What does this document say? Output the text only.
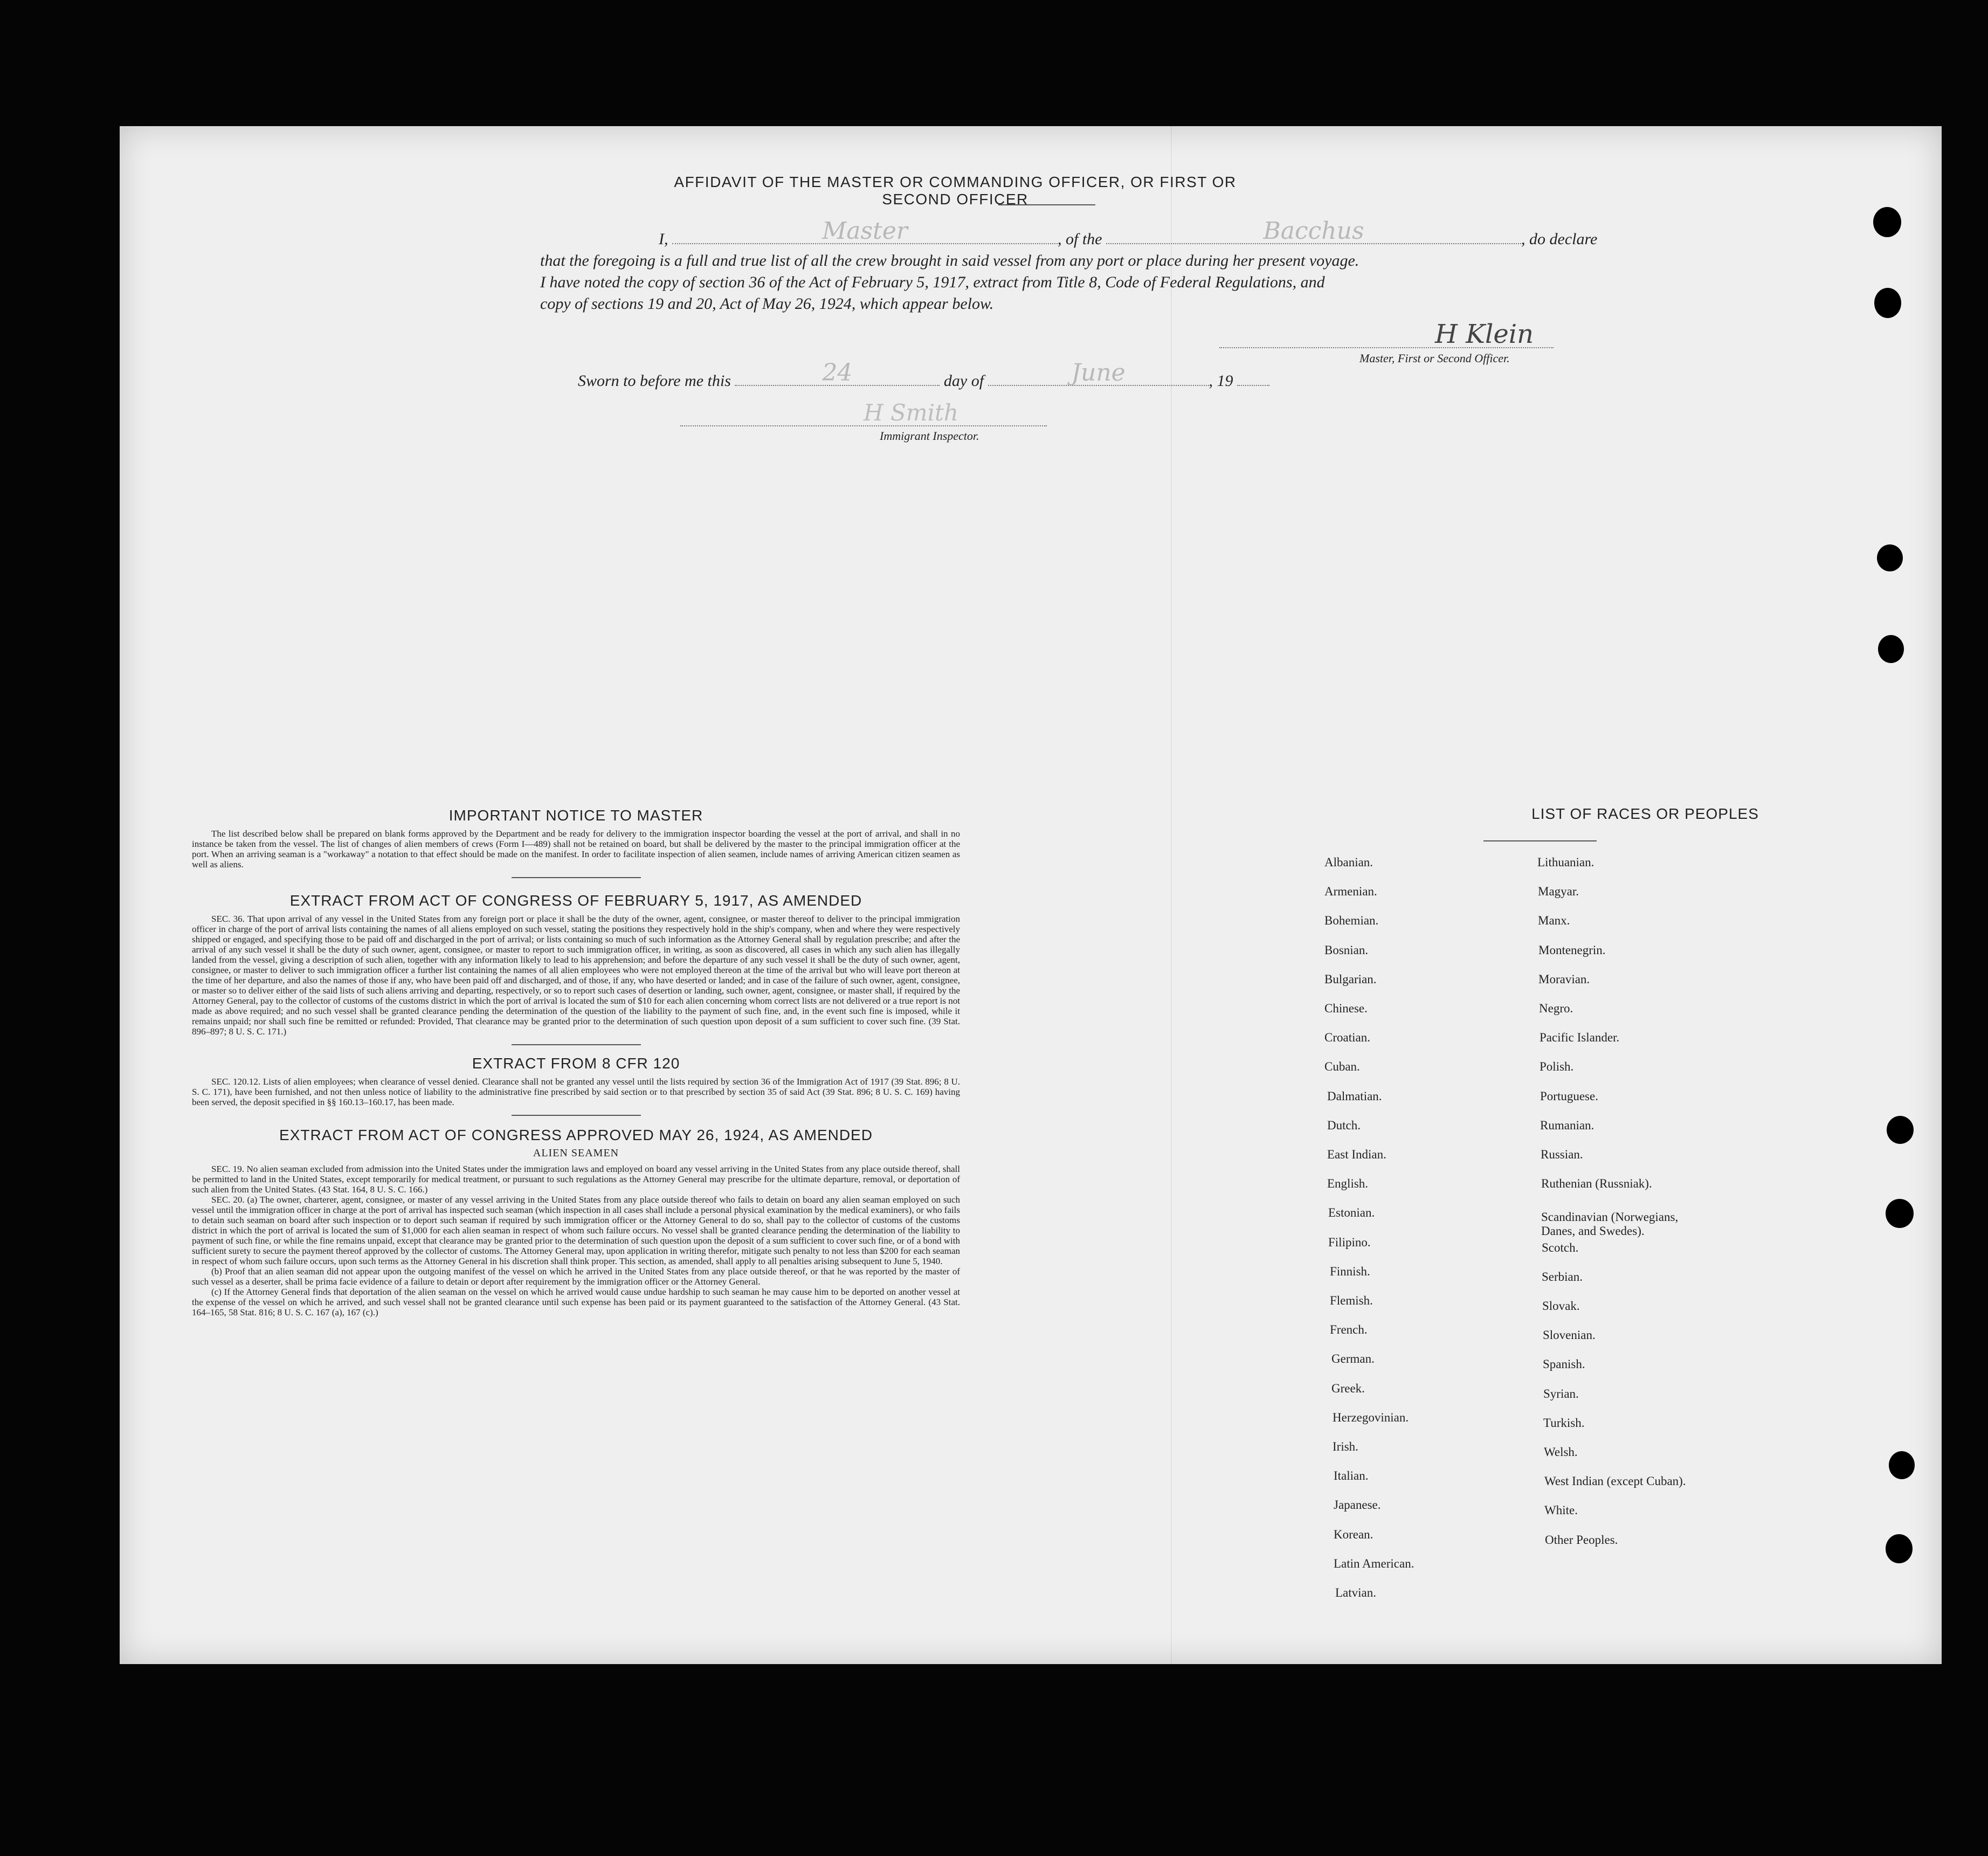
AFFIDAVIT OF THE MASTER OR COMMANDING OFFICER, OR FIRST OR SECOND OFFICER
I,	Master	, of the	Bacchus	, do declare
that the foregoing is a full and true list of all the crew brought in said vessel from any port or place during her present voyage.
I have noted the copy of section 36 of the Act of February 5, 1917, extract from Title 8, Code of Federal Regulations, and
copy of sections 19 and 20, Act of May 26, 1924, which appear below.
H Klein
Master, First or Second Officer.
Sworn to before me this	24	day of	June	, 19
H Smith
Immigrant Inspector.
IMPORTANT NOTICE TO MASTER

The list described below shall be prepared on blank forms approved by the Department and be ready for delivery to the immigration inspector boarding the vessel at the port of arrival, and shall in no instance be taken from the vessel. The list of changes of alien members of crews (Form I—489) shall not be retained on board, but shall be delivered by the master to the principal immigration officer at the port. When an arriving seaman is a "workaway" a notation to that effect should be made on the manifest. In order to facilitate inspection of alien seamen, include names of arriving American citizen seamen as well as aliens.

EXTRACT FROM ACT OF CONGRESS OF FEBRUARY 5, 1917, AS AMENDED

SEC. 36. That upon arrival of any vessel in the United States from any foreign port or place it shall be the duty of the owner, agent, consignee, or master thereof to deliver to the principal immigration officer in charge of the port of arrival lists containing the names of all aliens employed on such vessel, stating the positions they respectively hold in the ship's company, when and where they were respectively shipped or engaged, and specifying those to be paid off and discharged in the port of arrival; or lists containing so much of such information as the Attorney General shall by regulation prescribe; and after the arrival of any such vessel it shall be the duty of such owner, agent, consignee, or master to report to such immigration officer, in writing, as soon as discovered, all cases in which any such alien has illegally landed from the vessel, giving a description of such alien, together with any information likely to lead to his apprehension; and before the departure of any such vessel it shall be the duty of such owner, agent, consignee, or master to deliver to such immigration officer a further list containing the names of all alien employees who were not employed thereon at the time of the arrival but who will leave port thereon at the time of her departure, and also the names of those if any, who have been paid off and discharged, and of those, if any, who have deserted or landed; and in case of the failure of such owner, agent, consignee, or master so to deliver either of the said lists of such aliens arriving and departing, respectively, or so to report such cases of desertion or landing, such owner, agent, consignee, or master shall, if required by the Attorney General, pay to the collector of customs of the customs district in which the port of arrival is located the sum of $10 for each alien concerning whom correct lists are not delivered or a true report is not made as above required; and no such vessel shall be granted clearance pending the determination of the question of the liability to the payment of such fine, and, in the event such fine is imposed, while it remains unpaid; nor shall such fine be remitted or refunded: Provided, That clearance may be granted prior to the determination of such question upon deposit of a sum sufficient to cover such fine. (39 Stat. 896–897; 8 U. S. C. 171.)

EXTRACT FROM 8 CFR 120

SEC. 120.12. Lists of alien employees; when clearance of vessel denied. Clearance shall not be granted any vessel until the lists required by section 36 of the Immigration Act of 1917 (39 Stat. 896; 8 U. S. C. 171), have been furnished, and not then unless notice of liability to the administrative fine prescribed by said section or to that prescribed by section 35 of said Act (39 Stat. 896; 8 U. S. C. 169) having been served, the deposit specified in §§ 160.13–160.17, has been made.

EXTRACT FROM ACT OF CONGRESS APPROVED MAY 26, 1924, AS AMENDED
ALIEN SEAMEN

SEC. 19. No alien seaman excluded from admission into the United States under the immigration laws and employed on board any vessel arriving in the United States from any place outside thereof, shall be permitted to land in the United States, except temporarily for medical treatment, or pursuant to such regulations as the Attorney General may prescribe for the ultimate departure, removal, or deportation of such alien from the United States. (43 Stat. 164, 8 U. S. C. 166.)

SEC. 20. (a) The owner, charterer, agent, consignee, or master of any vessel arriving in the United States from any place outside thereof who fails to detain on board any alien seaman employed on such vessel until the immigration officer in charge at the port of arrival has inspected such seaman (which inspection in all cases shall include a personal physical examination by the medical examiners), or who fails to detain such seaman on board after such inspection or to deport such seaman if required by such immigration officer or the Attorney General to do so, shall pay to the collector of customs of the customs district in which the port of arrival is located the sum of $1,000 for each alien seaman in respect of whom such failure occurs. No vessel shall be granted clearance pending the determination of the liability to payment of such fine, or while the fine remains unpaid, except that clearance may be granted prior to the determination of such question upon the deposit of a sum sufficient to cover such fine, or of a bond with sufficient surety to secure the payment thereof approved by the collector of customs. The Attorney General may, upon application in writing therefor, mitigate such penalty to not less than $200 for each seaman in respect of whom such failure occurs, upon such terms as the Attorney General in his discretion shall think proper. This section, as amended, shall apply to all penalties arising subsequent to June 5, 1940.

(b) Proof that an alien seaman did not appear upon the outgoing manifest of the vessel on which he arrived in the United States from any place outside thereof, or that he was reported by the master of such vessel as a deserter, shall be prima facie evidence of a failure to detain or deport after requirement by the immigration officer or the Attorney General.

(c) If the Attorney General finds that deportation of the alien seaman on the vessel on which he arrived would cause undue hardship to such seaman he may cause him to be deported on another vessel at the expense of the vessel on which he arrived, and such vessel shall not be granted clearance until such expense has been paid or its payment guaranteed to the satisfaction of the Attorney General. (43 Stat. 164–165, 58 Stat. 816; 8 U. S. C. 167 (a), 167 (c).)

LIST OF RACES OR PEOPLES
Albanian.
Armenian.
Bohemian.
Bosnian.
Bulgarian.
Chinese.
Croatian.
Cuban.
Dalmatian.
Dutch.
East Indian.
English.
Estonian.
Filipino.
Finnish.
Flemish.
French.
German.
Greek.
Herzegovinian.
Irish.
Italian.
Japanese.
Korean.
Latin American.
Latvian.
Lithuanian.
Magyar.
Manx.
Montenegrin.
Moravian.
Negro.
Pacific Islander.
Polish.
Portuguese.
Rumanian.
Russian.
Ruthenian (Russniak).
Scandinavian (Norwegians,
Danes, and Swedes).
Scotch.
Serbian.
Slovak.
Slovenian.
Spanish.
Syrian.
Turkish.
Welsh.
West Indian (except Cuban).
White.
Other Peoples.
